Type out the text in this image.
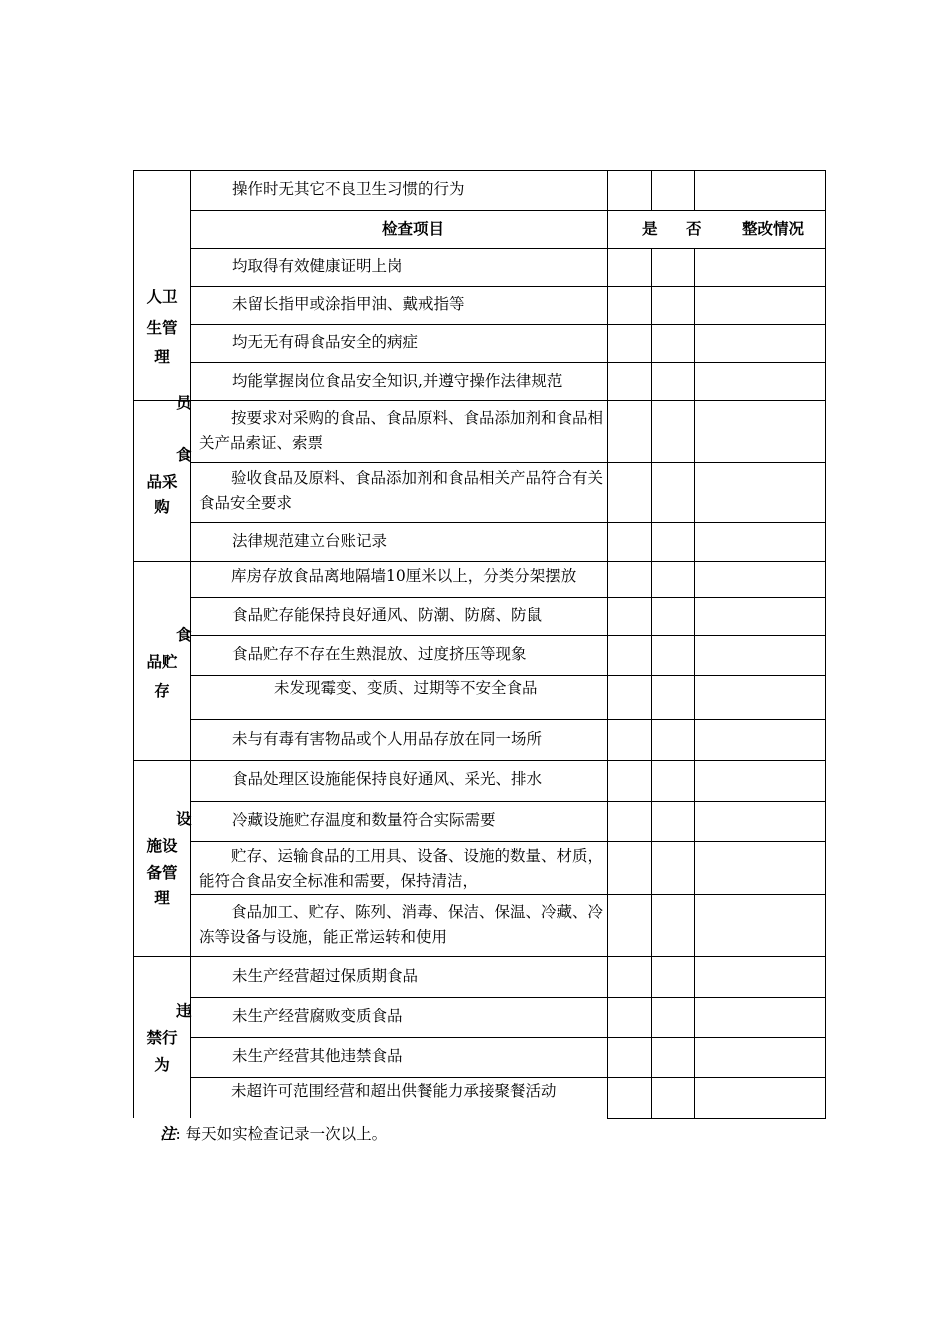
检查项目	是 否	整改情况
人卫
生管
理
员
食
品采
购
食
品贮
存
设
施设
备管
理
违
禁行
为
操作时无其它不良卫生习惯的行为
均取得有效健康证明上岗
未留长指甲或涂指甲油、戴戒指等
均无无有碍食品安全的病症
均能掌握岗位食品安全知识,并遵守操作法律规范
按要求对采购的食品、食品原料、食品添加剂和食品相关产品索证、索票
验收食品及原料、食品添加剂和食品相关产品符合有关食品安全要求
法律规范建立台账记录
库房存放食品离地隔墙10厘米以上，分类分架摆放
食品贮存能保持良好通风、防潮、防腐、防鼠
食品贮存不存在生熟混放、过度挤压等现象
未发现霉变、变质、过期等不安全食品
未与有毒有害物品或个人用品存放在同一场所
食品处理区设施能保持良好通风、采光、排水
冷藏设施贮存温度和数量符合实际需要
贮存、运输食品的工用具、设备、设施的数量、材质，能符合食品安全标准和需要，保持清洁，
食品加工、贮存、陈列、消毒、保洁、保温、冷藏、冷冻等设备与设施，能正常运转和使用
未生产经营超过保质期食品
未生产经营腐败变质食品
未生产经营其他违禁食品
未超许可范围经营和超出供餐能力承接聚餐活动
注: 每天如实检查记录一次以上。
